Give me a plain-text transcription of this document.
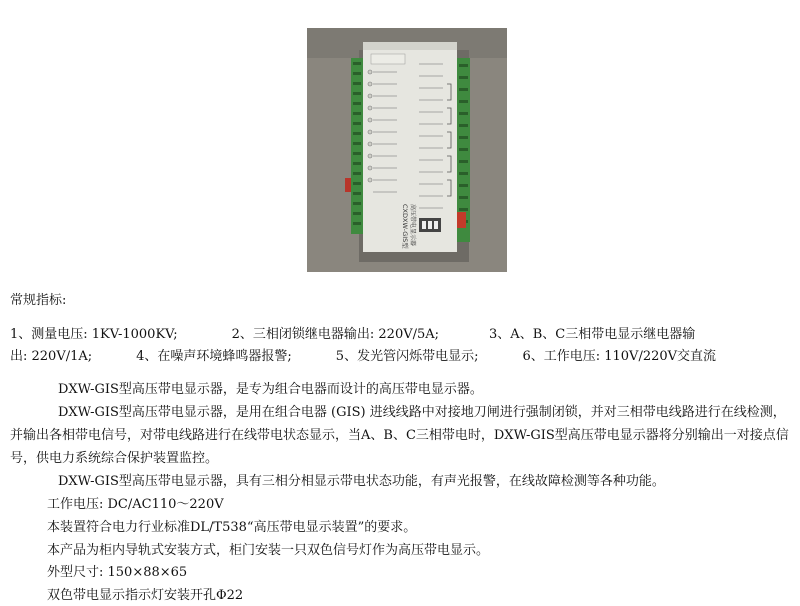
CXDXW-GIS型 高压带电显示器
常规指标:
1、测量电压: 1KV-1000KV;	2、三相闭锁继电器输出: 220V/5A;	3、A、B、C三相带电显示继电器输
出: 220V/1A;	4、在噪声环境蜂鸣器报警;	5、发光管闪烁带电显示;	6、工作电压: 110V/220V交直流
DXW-GIS型高压带电显示器，是专为组合电器而设计的高压带电显示器。
DXW-GIS型高压带电显示器，是用在组合电器 (GIS) 进线线路中对接地刀闸进行强制闭锁，并对三相带电线路进行在线检测，
并输出各相带电信号，对带电线路进行在线带电状态显示，当A、B、C三相带电时，DXW-GIS型高压带电显示器将分别输出一对接点信
号，供电力系统综合保护装置监控。
DXW-GIS型高压带电显示器，具有三相分相显示带电状态功能，有声光报警，在线故障检测等各种功能。
工作电压: DC/AC110～220V
本装置符合电力行业标准DL/T538“高压带电显示装置”的要求。
本产品为柜内导轨式安装方式，柜门安装一只双色信号灯作为高压带电显示。
外型尺寸: 150×88×65
双色带电显示指示灯安装开孔Φ22
